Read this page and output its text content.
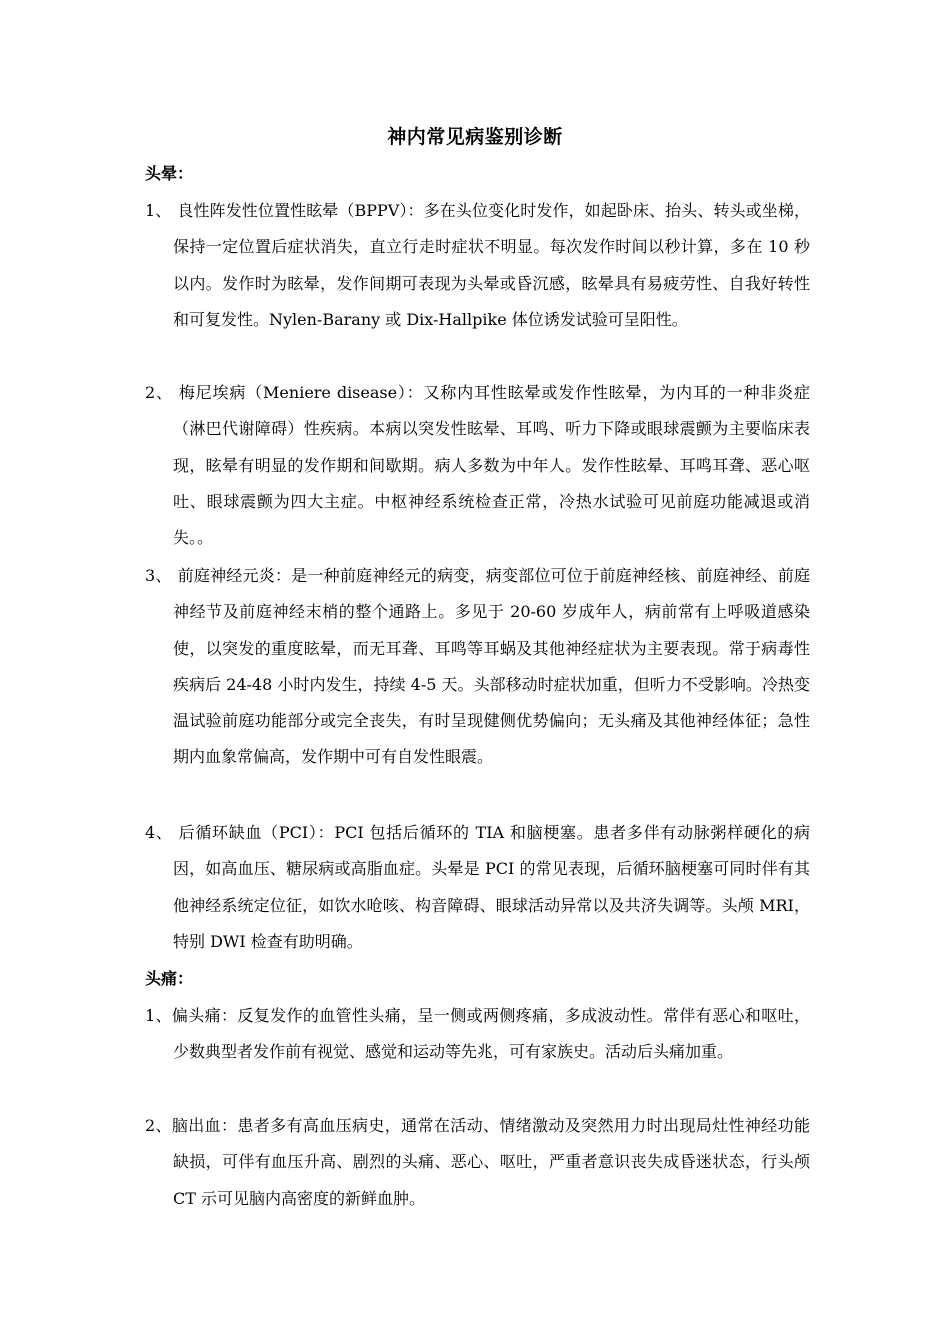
神内常见病鉴别诊断
头晕：
1、 良性阵发性位置性眩晕（BPPV）：多在头位变化时发作，如起卧床、抬头、转头或坐梯，保持一定位置后症状消失，直立行走时症状不明显。每次发作时间以秒计算，多在 10 秒以内。发作时为眩晕，发作间期可表现为头晕或昏沉感，眩晕具有易疲劳性、自我好转性和可复发性。Nylen-Barany 或 Dix-Hallpike 体位诱发试验可呈阳性。
2、 梅尼埃病（Meniere disease）：又称内耳性眩晕或发作性眩晕，为内耳的一种非炎症（淋巴代谢障碍）性疾病。本病以突发性眩晕、耳鸣、听力下降或眼球震颤为主要临床表现，眩晕有明显的发作期和间歇期。病人多数为中年人。发作性眩晕、耳鸣耳聋、恶心呕吐、眼球震颤为四大主症。中枢神经系统检查正常，冷热水试验可见前庭功能减退或消失。。
3、 前庭神经元炎：是一种前庭神经元的病变，病变部位可位于前庭神经核、前庭神经、前庭神经节及前庭神经末梢的整个通路上。多见于 20-60 岁成年人，病前常有上呼吸道感染使，以突发的重度眩晕，而无耳聋、耳鸣等耳蜗及其他神经症状为主要表现。常于病毒性疾病后 24-48 小时内发生，持续 4-5 天。头部移动时症状加重，但听力不受影响。冷热变温试验前庭功能部分或完全丧失，有时呈现健侧优势偏向；无头痛及其他神经体征；急性期内血象常偏高，发作期中可有自发性眼震。
4、 后循环缺血（PCI）：PCI 包括后循环的 TIA 和脑梗塞。患者多伴有动脉粥样硬化的病因，如高血压、糖尿病或高脂血症。头晕是 PCI 的常见表现，后循环脑梗塞可同时伴有其他神经系统定位征，如饮水呛咳、构音障碍、眼球活动异常以及共济失调等。头颅 MRI，特别 DWI 检查有助明确。
头痛：
1、偏头痛：反复发作的血管性头痛，呈一侧或两侧疼痛，多成波动性。常伴有恶心和呕吐，少数典型者发作前有视觉、感觉和运动等先兆，可有家族史。活动后头痛加重。
2、脑出血：患者多有高血压病史，通常在活动、情绪激动及突然用力时出现局灶性神经功能缺损，可伴有血压升高、剧烈的头痛、恶心、呕吐，严重者意识丧失成昏迷状态，行头颅 CT 示可见脑内高密度的新鲜血肿。
